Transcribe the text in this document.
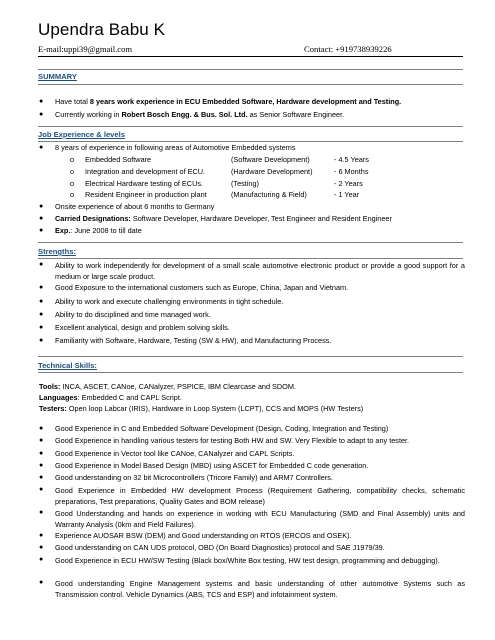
Upendra Babu K
E-mail:uppi39@gmail.com	Contact: +919738939226
SUMMARY
● Have total 8 years work experience in ECU Embedded Software, Hardware development and Testing.
● Currently working in Robert Bosch Engg. & Bus. Sol. Ltd. as Senior Software Engineer.
Job Experience & levels
● 8 years of experience in following areas of Automotive Embedded systems
o Embedded Software	(Software Development)	- 4.5 Years
o Integration and development of ECU.	(Hardware Development)	- 6 Months
o Electrical Hardware testing of ECUs.	(Testing)	- 2 Years
o Resident Engineer in production plant	(Manufacturing & Field)	- 1 Year
● Onsite experience of about 6 months to Germany
● Carried Designations: Software Developer, Hardware Developer, Test Engineer and Resident Engineer
● Exp.: June 2008 to till date
Strengths:
● Ability to work independently for development of a small scale automotive electronic product or provide a good support for a medium or large scale product.
● Good Exposure to the international customers such as Europe, China, Japan and Vietnam.
● Ability to work and execute challenging environments in tight schedule.
● Ability to do disciplined and time managed work.
● Excellent analytical, design and problem solving skills.
● Familiarity with Software, Hardware, Testing (SW & HW), and Manufacturing Process.
Technical Skills:
Tools: INCA, ASCET, CANoe, CANalyzer, PSPICE, IBM Clearcase and SDOM.
Languages: Embedded C and CAPL Script.
Testers: Open loop Labcar (IRIS), Hardware in Loop System (LCPT), CCS and MOPS (HW Testers)
● Good Experience in C and Embedded Software Development (Design, Coding, Integration and Testing)
● Good Experience in handling various testers for testing Both HW and SW. Very Flexible to adapt to any tester.
● Good Experience in Vector tool like CANoe, CANalyzer and CAPL Scripts.
● Good Experience in Model Based Design (MBD) using ASCET for Embedded C code generation.
● Good understanding on 32 bit Microcontrollers (Tricore Family) and ARM7 Controllers.
● Good Experience in Embedded HW development Process (Requirement Gathering, compatibility checks, schematic preparations, Test preparations, Quality Gates and BOM release)
● Good Understanding and hands on experience in working with ECU Manufacturing (SMD and Final Assembly) units and Warranty Analysis (0km and Field Failures).
● Experience AUOSAR BSW (DEM) and Good understanding on RTOS (ERCOS and OSEK).
● Good understanding on CAN UDS protocol, OBD (On Board Diagnostics) protocol and SAE J1979/39.
● Good Experience in ECU HW/SW Testing (Black box/White Box testing, HW test design, programming and debugging).
● Good understanding Engine Management systems and basic understanding of other automotive Systems such as Transmission control. Vehicle Dynamics (ABS, TCS and ESP) and infotainment system.
